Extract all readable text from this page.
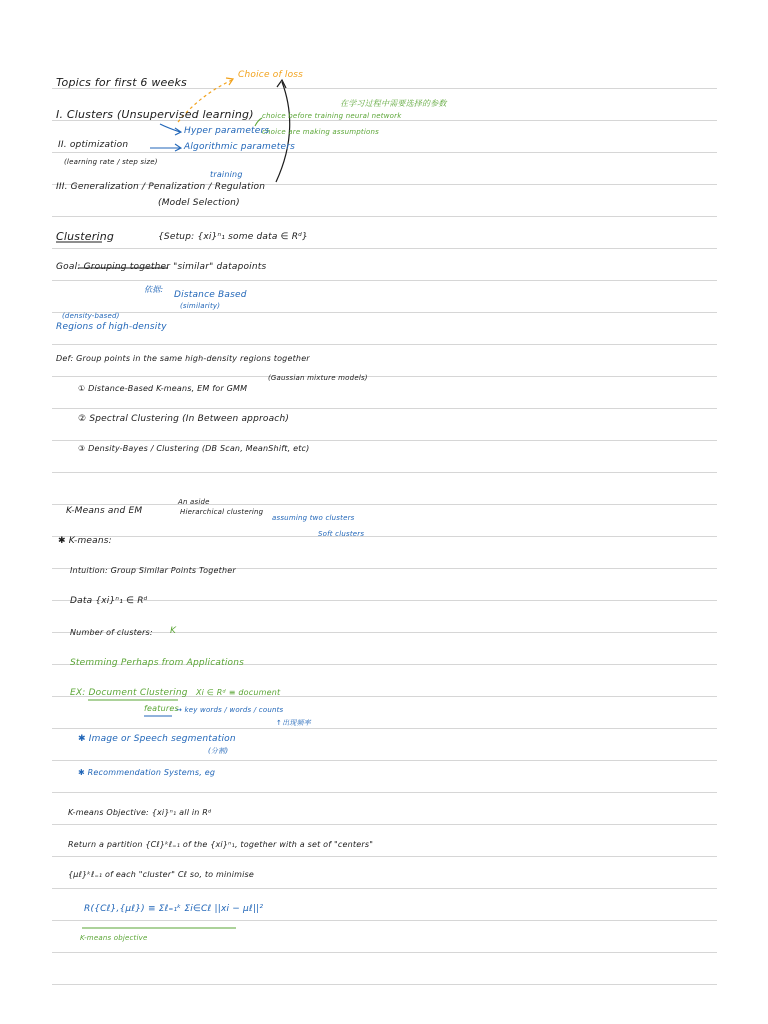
Topics for first 6 weeks
Choice of loss
I. Clusters (Unsupervised learning)
在学习过程中需要选择的参数
choice before training neural network
choice are making assumptions
Hyper parameters
II. optimization	Algorithmic parameters
(learning rate / step size)
training
III. Generalization / Penalization / Regulation
(Model Selection)
Clustering	{Setup: {xi}ⁿ₁ some data ∈ Rᵈ}
Goal: Grouping together "similar" datapoints
依据:
Distance Based
(similarity)
(density-based)
Regions of high-density
Def: Group points in the same high-density regions together
① Distance-Based K-means, EM for GMM
(Gaussian mixture models)
② Spectral Clustering (In Between approach)
③ Density-Bayes / Clustering (DB Scan, MeanShift, etc)
K-Means and EM
An aside
Hierarchical clustering
assuming two clusters
Soft clusters
✱ K-means:
Intuition: Group Similar Points Together
Data {xi}ⁿ₁ ∈ Rᵈ
Number of clusters: K
Stemming Perhaps from Applications
EX: Document Clustering Xi ∈ Rᵈ ≡ document
features
→ key words / words / counts
↑出现频率
✱ Image or Speech segmentation
(分割)
✱ Recommendation Systems, eg
K-means Objective: {xi}ⁿ₁ all in Rᵈ
Return a partition {Cℓ}ᵏℓ₌₁ of the {xi}ⁿ₁, together with a set of "centers"
{μℓ}ᵏℓ₌₁ of each "cluster" Cℓ so, to minimise
R({Cℓ},{μℓ}) ≡ Σℓ₌₁ᵏ Σi∈Cℓ ||xi − μℓ||²
K-means objective
